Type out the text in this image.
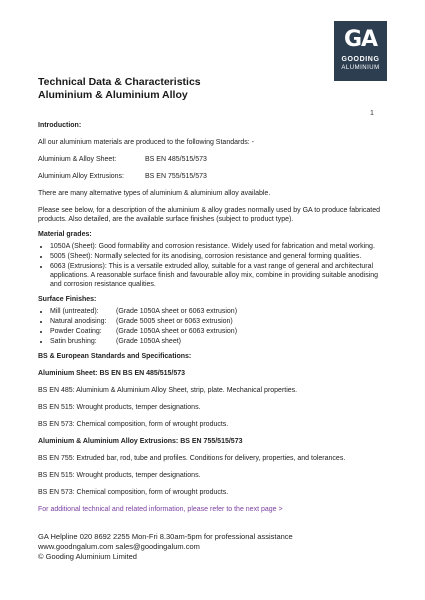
GA
GOODING
ALUMINIUM
Technical Data & Characteristics
Aluminium & Aluminium Alloy
1

Introduction:

All our aluminium materials are produced to the following Standards: -

Aluminium & Alloy Sheet:	BS EN 485/515/573
Aluminium Alloy Extrusions:	BS EN 755/515/573

There are many alternative types of aluminium & aluminium alloy available.

Please see below, for a description of the aluminium & alloy grades normally used by GA to produce fabricated products. Also detailed, are the available surface finishes (subject to product type).

Material grades:

• 1050A (Sheet): Good formability and corrosion resistance. Widely used for fabrication and metal working.
• 5005 (Sheet): Normally selected for its anodising, corrosion resistance and general forming qualities.
• 6063 (Extrusions): This is a versatile extruded alloy, suitable for a vast range of general and architectural applications. A reasonable surface finish and favourable alloy mix, combine in providing suitable anodising and corrosion resistance qualities.

Surface Finishes:

• Mill (untreated):	(Grade 1050A sheet or 6063 extrusion)
• Natural anodising:	(Grade 5005 sheet or 6063 extrusion)
• Powder Coating:	(Grade 1050A sheet or 6063 extrusion)
• Satin brushing:	(Grade 1050A sheet)

BS & European Standards and Specifications:

Aluminium Sheet: BS EN BS EN 485/515/573

BS EN 485: Aluminium & Aluminium Alloy Sheet, strip, plate. Mechanical properties.

BS EN 515: Wrought products, temper designations.

BS EN 573: Chemical composition, form of wrought products.

Aluminium & Aluminium Alloy Extrusions: BS EN 755/515/573

BS EN 755: Extruded bar, rod, tube and profiles. Conditions for delivery, properties, and tolerances.

BS EN 515: Wrought products, temper designations.

BS EN 573: Chemical composition, form of wrought products.

For additional technical and related information, please refer to the next page >

GA Helpline 020 8692 2255 Mon-Fri 8.30am-5pm for professional assistance
www.goodngalum.com sales@goodingalum.com
© Gooding Aluminium Limited
